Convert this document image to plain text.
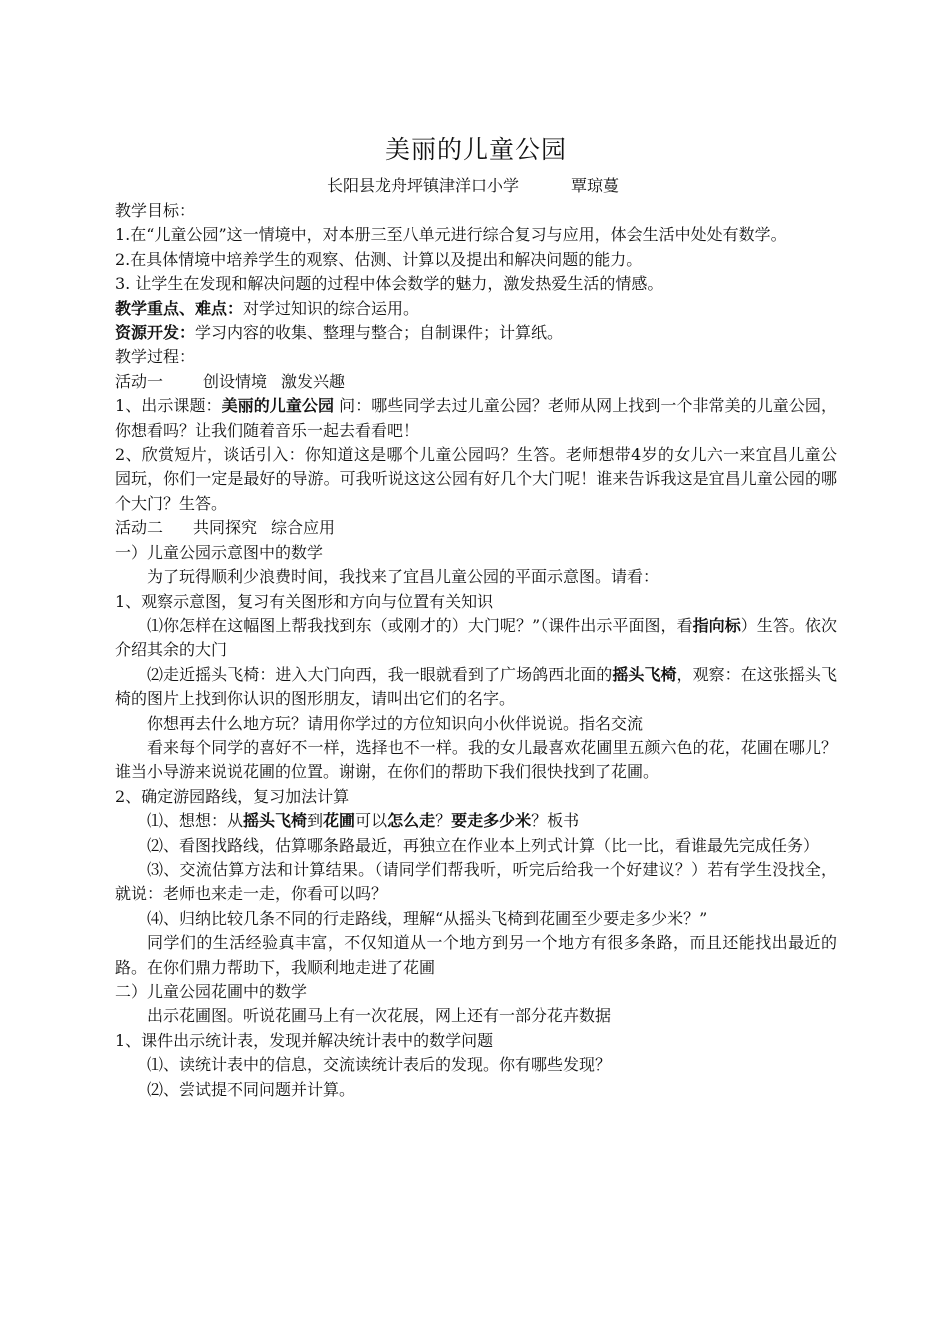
美丽的儿童公园
长阳县龙舟坪镇津洋口小学	覃琼蔓

教学目标：

1.在“儿童公园”这一情境中，对本册三至八单元进行综合复习与应用，体会生活中处处有数学。

2.在具体情境中培养学生的观察、估测、计算以及提出和解决问题的能力。

3. 让学生在发现和解决问题的过程中体会数学的魅力，激发热爱生活的情感。

教学重点、难点：对学过知识的综合运用。

资源开发：学习内容的收集、整理与整合；自制课件；计算纸。

教学过程：

活动一	创设情境 激发兴趣

1、出示课题：美丽的儿童公园 问：哪些同学去过儿童公园？老师从网上找到一个非常美的儿童公园，你想看吗？让我们随着音乐一起去看看吧！

2、欣赏短片，谈话引入：你知道这是哪个儿童公园吗？生答。老师想带4岁的女儿六一来宜昌儿童公园玩，你们一定是最好的导游。可我听说这这公园有好几个大门呢！谁来告诉我这是宜昌儿童公园的哪个大门？生答。

活动二 共同探究 综合应用

一）儿童公园示意图中的数学

为了玩得顺利少浪费时间，我找来了宜昌儿童公园的平面示意图。请看：

1、观察示意图，复习有关图形和方向与位置有关知识

⑴你怎样在这幅图上帮我找到东（或刚才的）大门呢？”（课件出示平面图，看指向标）生答。依次介绍其余的大门

⑵走近摇头飞椅：进入大门向西，我一眼就看到了广场鸽西北面的摇头飞椅，观察：在这张摇头飞椅的图片上找到你认识的图形朋友，请叫出它们的名字。

你想再去什么地方玩？请用你学过的方位知识向小伙伴说说。指名交流

看来每个同学的喜好不一样，选择也不一样。我的女儿最喜欢花圃里五颜六色的花，花圃在哪儿？谁当小导游来说说花圃的位置。谢谢，在你们的帮助下我们很快找到了花圃。

2、确定游园路线，复习加法计算

⑴、想想：从摇头飞椅到花圃可以怎么走？要走多少米？板书

⑵、看图找路线，估算哪条路最近，再独立在作业本上列式计算（比一比，看谁最先完成任务）

⑶、交流估算方法和计算结果。（请同学们帮我听，听完后给我一个好建议？）若有学生没找全，就说：老师也来走一走，你看可以吗？

⑷、归纳比较几条不同的行走路线，理解“从摇头飞椅到花圃至少要走多少米？”

同学们的生活经验真丰富，不仅知道从一个地方到另一个地方有很多条路，而且还能找出最近的路。在你们鼎力帮助下，我顺利地走进了花圃

二）儿童公园花圃中的数学

出示花圃图。听说花圃马上有一次花展，网上还有一部分花卉数据

1、课件出示统计表，发现并解决统计表中的数学问题

⑴、读统计表中的信息，交流读统计表后的发现。你有哪些发现？

⑵、尝试提不同问题并计算。
